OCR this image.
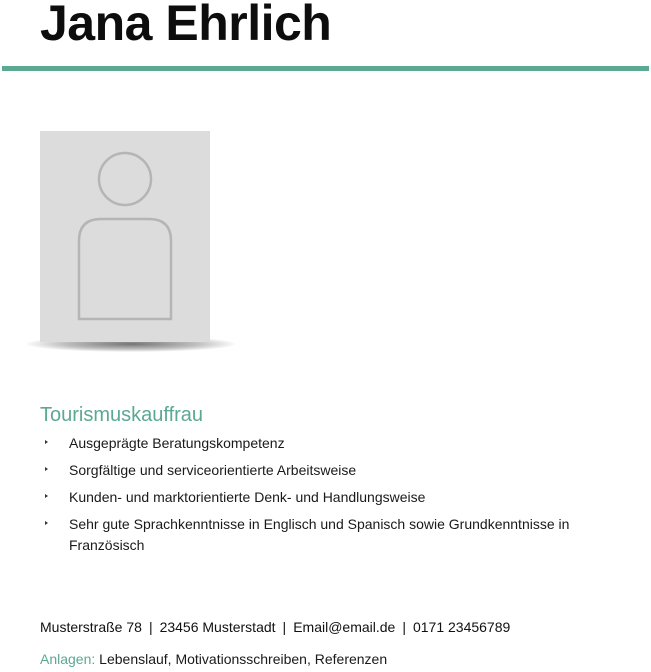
Jana Ehrlich
Tourismuskauffrau
Ausgeprägte Beratungskompetenz
Sorgfältige und serviceorientierte Arbeitsweise
Kunden- und marktorientierte Denk- und Handlungsweise
Sehr gute Sprachkenntnisse in Englisch und Spanisch sowie Grundkenntnisse in Französisch
Musterstraße 78 | 23456 Musterstadt | Email@email.de | 0171 23456789
Anlagen: Lebenslauf, Motivationsschreiben, Referenzen
